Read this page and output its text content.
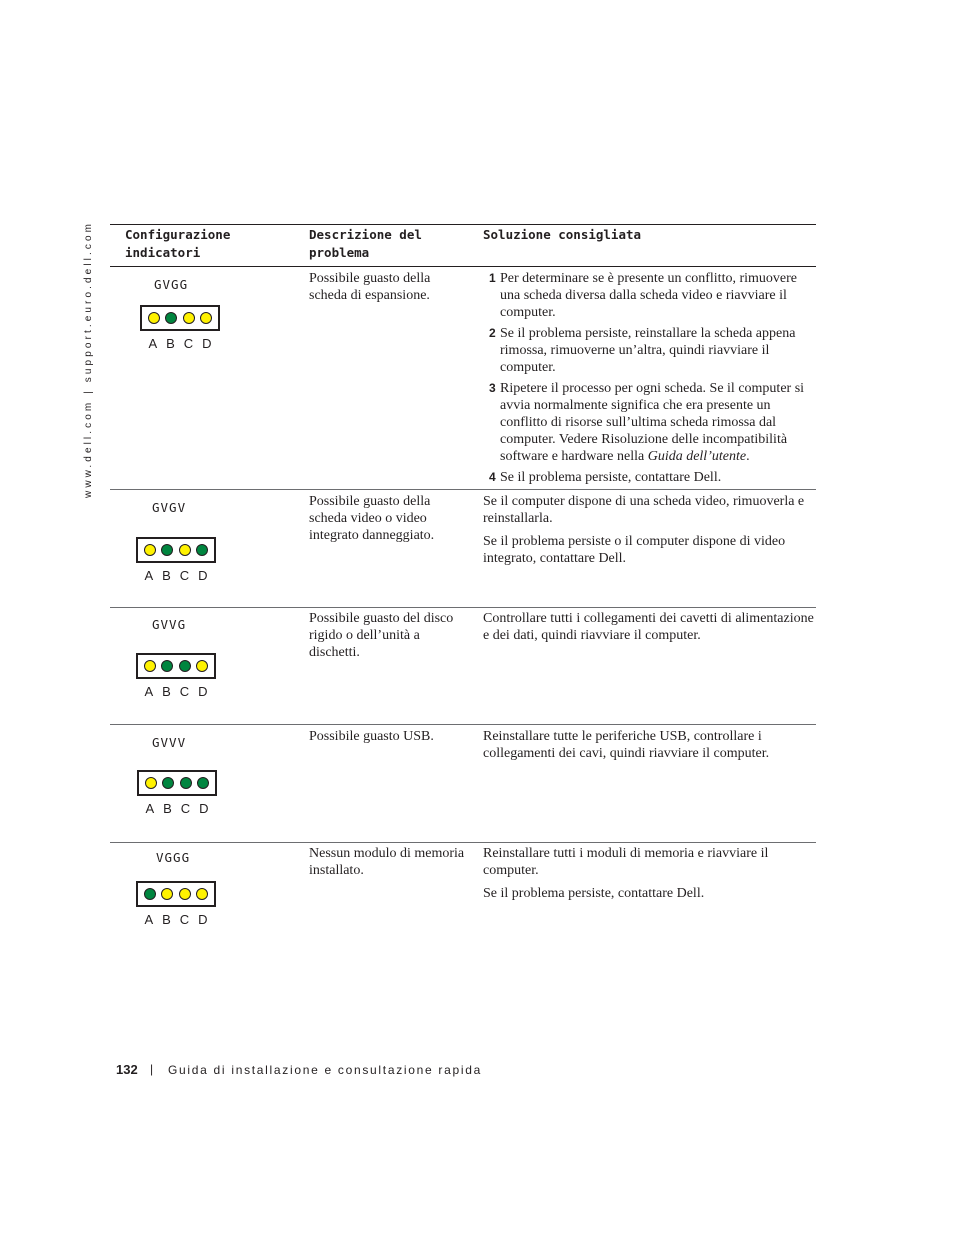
www.dell.com | support.euro.dell.com Configurazione
indicatori
Descrizione del
problema
Soluzione consigliata
GVGG
A B C D
Possibile guasto della scheda di espansione.
1 Per determinare se è presente un conflitto, rimuovere una scheda diversa dalla scheda video e riavviare il computer.
2 Se il problema persiste, reinstallare la scheda appena rimossa, rimuoverne un’altra, quindi riavviare il computer.
3 Ripetere il processo per ogni scheda. Se il computer si avvia normalmente significa che era presente un conflitto di risorse sull’ultima scheda rimossa dal computer. Vedere Risoluzione delle incompatibilità software e hardware nella Guida dell’utente.
4 Se il problema persiste, contattare Dell.
GVGV
A B C D
Possibile guasto della scheda video o video integrato danneggiato.

Se il computer dispone di una scheda video, rimuoverla e reinstallarla.

Se il problema persiste o il computer dispone di video integrato, contattare Dell.

GVVG
A B C D
Possibile guasto del disco rigido o dell’unità a dischetti.

Controllare tutti i collegamenti dei cavetti di alimentazione e dei dati, quindi riavviare il computer.

GVVV
A B C D
Possibile guasto USB.	Reinstallare tutte le periferiche USB, controllare i collegamenti dei cavi, quindi riavviare il computer.

VGGG
A B C D
Nessun modulo di memoria installato.

Reinstallare tutti i moduli di memoria e riavviare il computer.

Se il problema persiste, contattare Dell.

132 | Guida di installazione e consultazione rapida
